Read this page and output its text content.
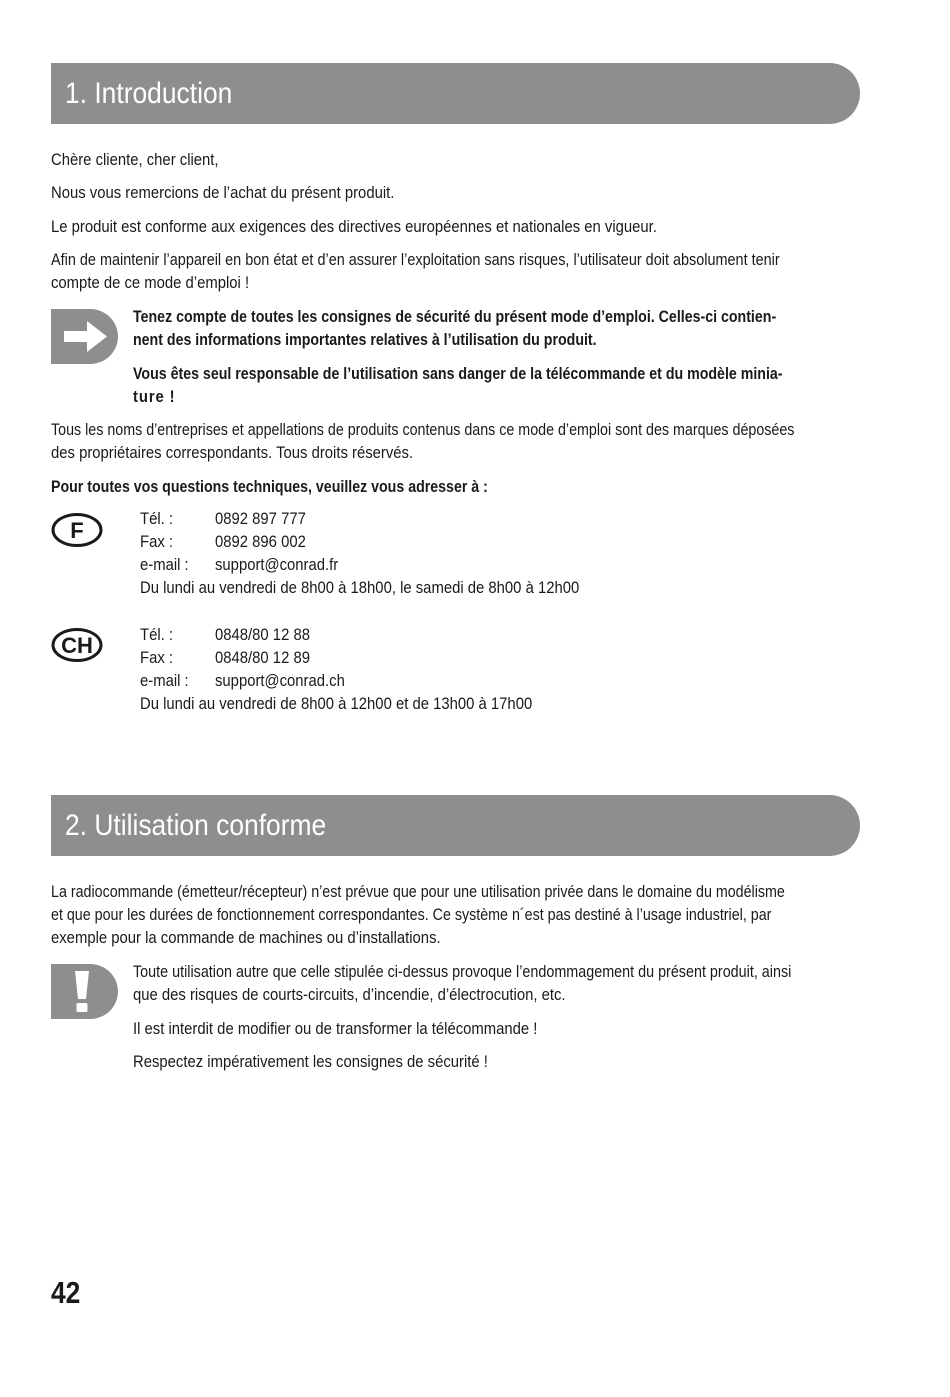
1. Introduction

Chère cliente, cher client,

Nous vous remercions de l’achat du présent produit.

Le produit est conforme aux exigences des directives européennes et nationales en vigueur.

Afin de maintenir l’appareil en bon état et d’en assurer l’exploitation sans risques, l’utilisateur doit absolument tenir

compte de ce mode d’emploi !

Tenez compte de toutes les consignes de sécurité du présent mode d’emploi. Celles-ci contien-

nent des informations importantes relatives à l’utilisation du produit.

Vous êtes seul responsable de l’utilisation sans danger de la télécommande et du modèle minia-

ture !

Tous les noms d’entreprises et appellations de produits contenus dans ce mode d’emploi sont des marques déposées

des propriétaires correspondants. Tous droits réservés.

Pour toutes vos questions techniques, veuillez vous adresser à :

F	Tél. :	0892 897 777
Fax :	0892 896 002
e-mail : support@conrad.fr
Du lundi au vendredi de 8h00 à 18h00, le samedi de 8h00 à 12h00
CH	Tél. :	0848/80 12 88
Fax :	0848/80 12 89
e-mail : support@conrad.ch
Du lundi au vendredi de 8h00 à 12h00 et de 13h00 à 17h00
2. Utilisation conforme

La radiocommande (émetteur/récepteur) n’est prévue que pour une utilisation privée dans le domaine du modélisme

et que pour les durées de fonctionnement correspondantes. Ce système n´est pas destiné à l’usage industriel, par

exemple pour la commande de machines ou d’installations.

Toute utilisation autre que celle stipulée ci-dessus provoque l’endommagement du présent produit, ainsi

que des risques de courts-circuits, d’incendie, d’électrocution, etc.

Il est interdit de modifier ou de transformer la télécommande !

Respectez impérativement les consignes de sécurité !

42
